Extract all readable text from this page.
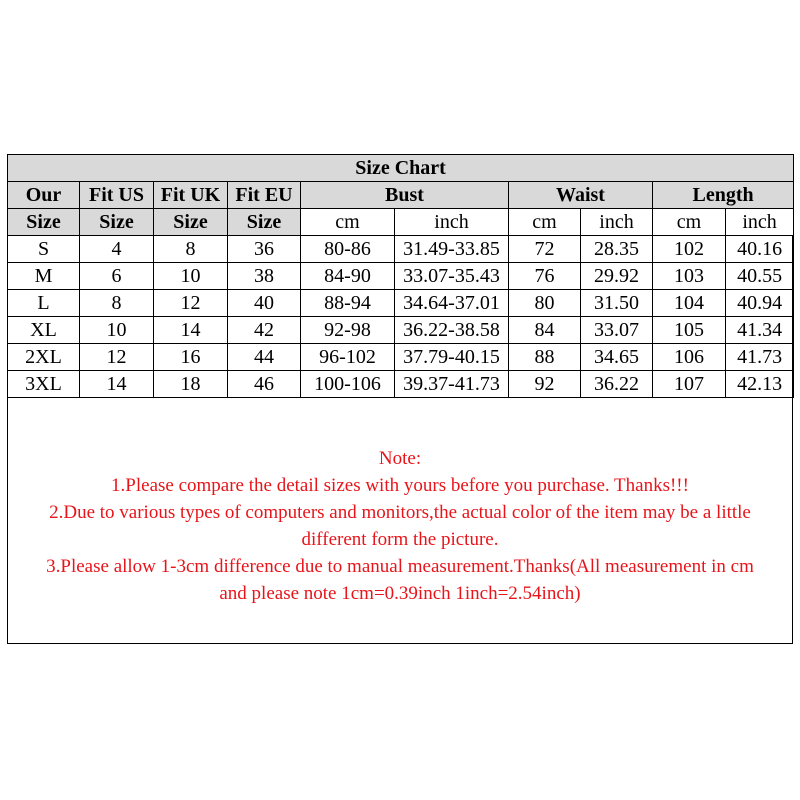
Size Chart									
Our	Fit US	Fit UK	Fit EU	Bust		Waist		Length	
Size	Size	Size	Size	cm	inch	cm	inch	cm	inch
S	4	8	36	80-86	31.49-33.85	72	28.35	102	40.16
M	6	10	38	84-90	33.07-35.43	76	29.92	103	40.55
L	8	12	40	88-94	34.64-37.01	80	31.50	104	40.94
XL	10	14	42	92-98	36.22-38.58	84	33.07	105	41.34
2XL	12	16	44	96-102	37.79-40.15	88	34.65	106	41.73
3XL	14	18	46	100-106	39.37-41.73	92	36.22	107	42.13

Note:

1.Please compare the detail sizes with yours before you purchase. Thanks!!!

2.Due to various types of computers and monitors,the actual color of the item may be a little

different form the picture.

3.Please allow 1-3cm difference due to manual measurement.Thanks(All measurement in cm

and please note 1cm=0.39inch 1inch=2.54inch)
